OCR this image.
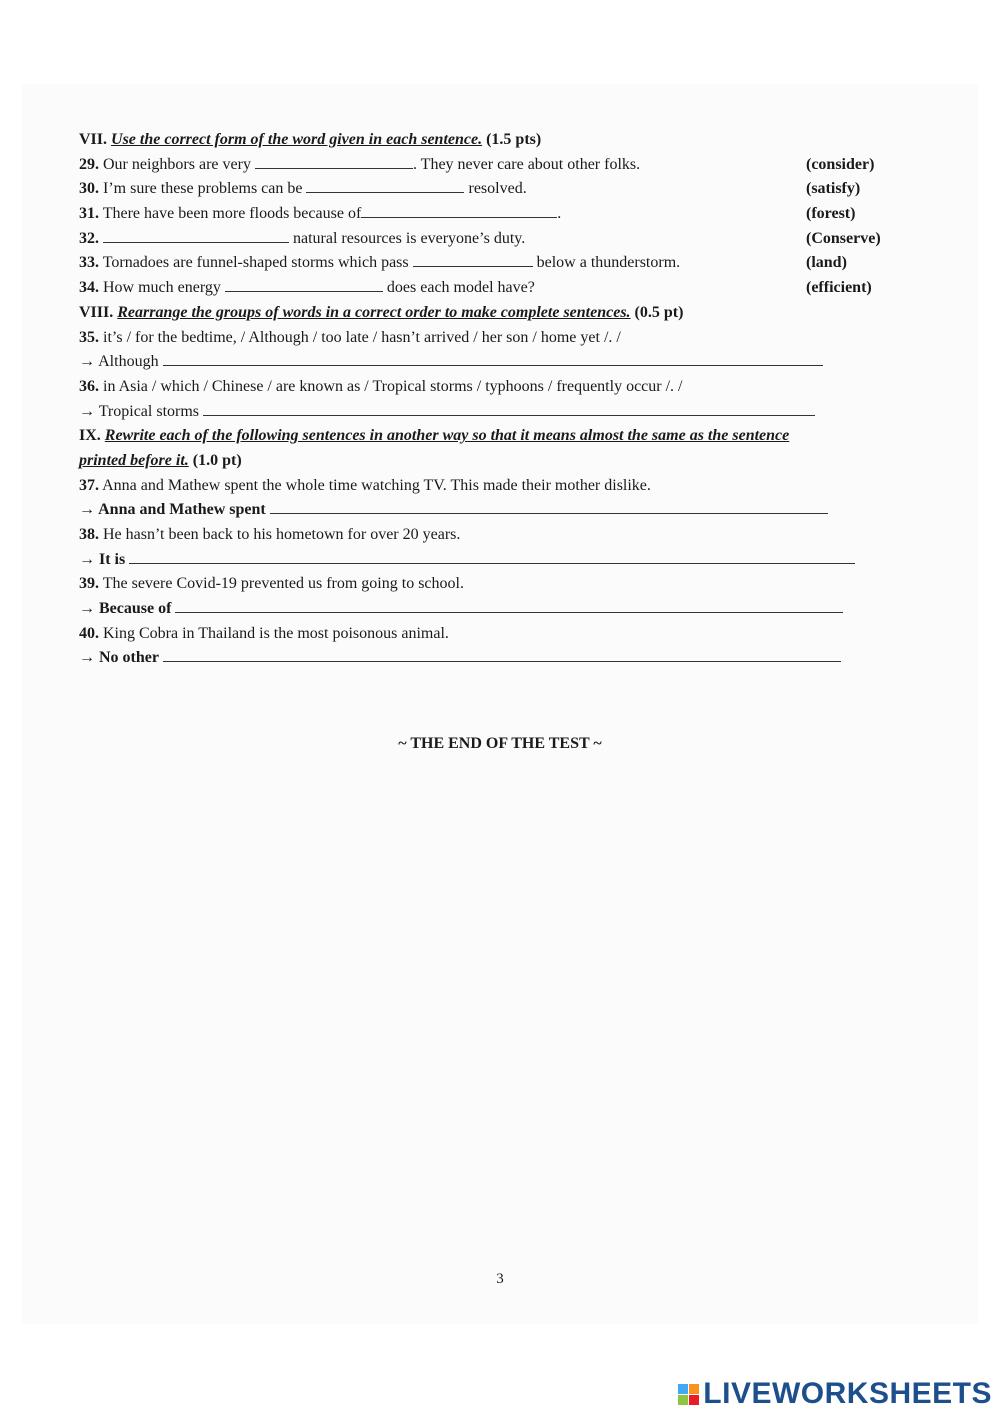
VII. Use the correct form of the word given in each sentence. (1.5 pts)
29. Our neighbors are very	. They never care about other folks.	(consider)
30. I’m sure these problems can be	resolved.	(satisfy)
31. There have been more floods because of	.	(forest)
32.	natural resources is everyone’s duty.	(Conserve)
33. Tornadoes are funnel-shaped storms which pass	below a thunderstorm.	(land)
34. How much energy	does each model have?	(efficient)
VIII. Rearrange the groups of words in a correct order to make complete sentences. (0.5 pt)
35. it’s / for the bedtime, / Although / too late / hasn’t arrived / her son / home yet /. /
→ Although
36. in Asia / which / Chinese / are known as / Tropical storms / typhoons / frequently occur /. /
→ Tropical storms
IX. Rewrite each of the following sentences in another way so that it means almost the same as the sentence
printed before it. (1.0 pt)
37. Anna and Mathew spent the whole time watching TV. This made their mother dislike.
→ Anna and Mathew spent
38. He hasn’t been back to his hometown for over 20 years.
→ It is
39. The severe Covid-19 prevented us from going to school.
→ Because of
40. King Cobra in Thailand is the most poisonous animal.
→ No other
~ THE END OF THE TEST ~
3
LIVEWORKSHEETS
